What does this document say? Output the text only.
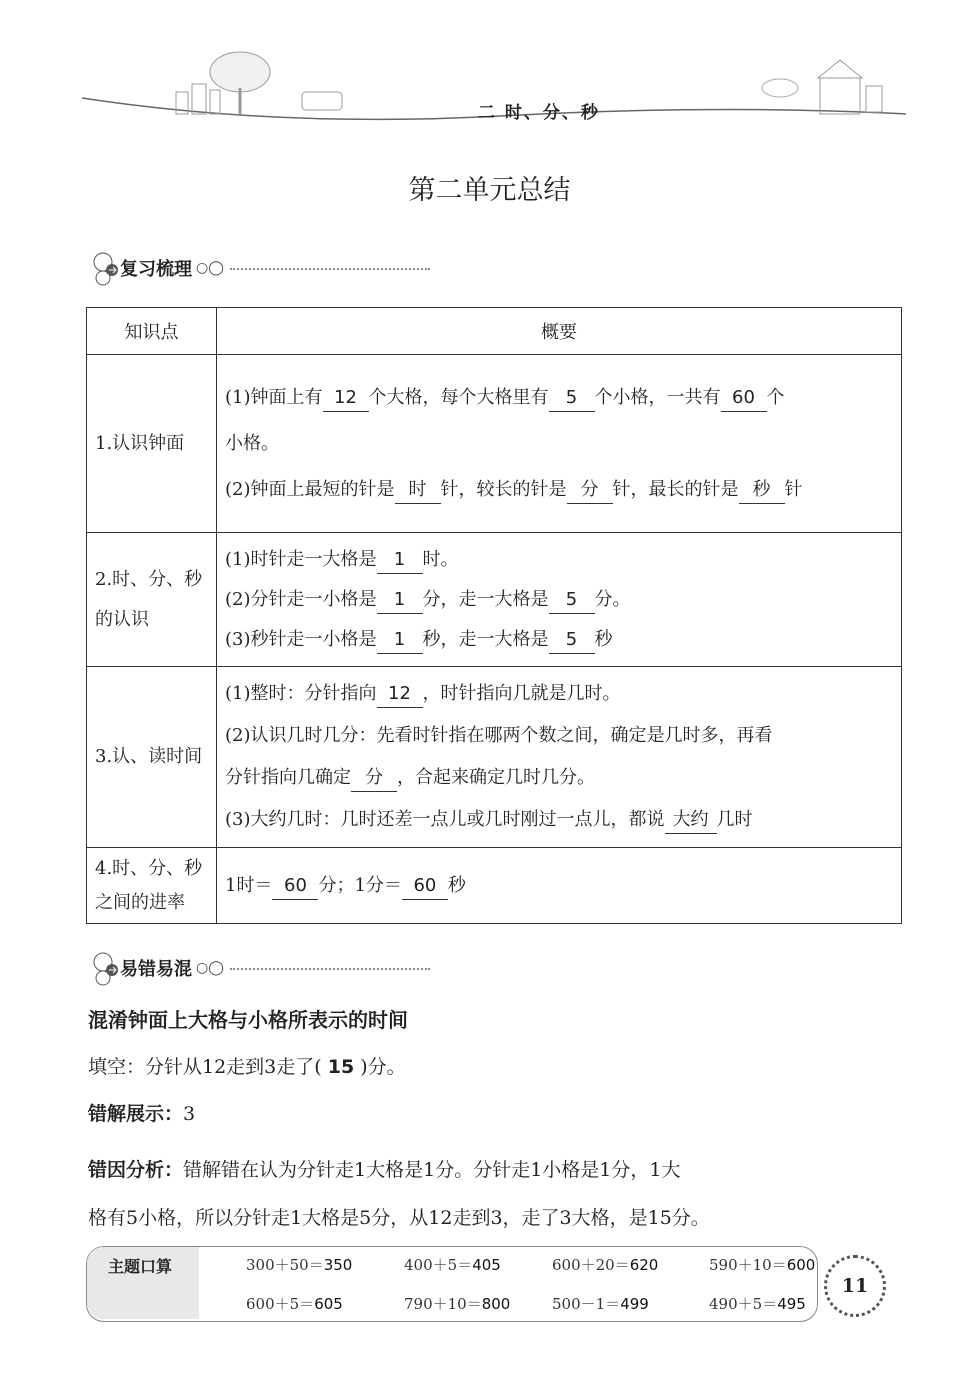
二 时、分、秒
第二单元总结
复习梳理 ○◯
知识点	概要
1.认识钟面	(1)钟面上有 12 个大格，每个大格里有 5 个小格，一共有 60 个
小格。
(2)钟面上最短的针是 时 针，较长的针是 分 针，最长的针是 秒 针

2.时、分、秒
的认识	(1)时针走一大格是 1 时。
(2)分针走一小格是 1 分，走一大格是 5 分。
(3)秒针走一小格是 1 秒，走一大格是 5 秒

3.认、读时间	(1)整时：分针指向 12 ，时针指向几就是几时。
(2)认识几时几分：先看时针指在哪两个数之间，确定是几时多，再看
分针指向几确定 分 ，合起来确定几时几分。
(3)大约几时：几时还差一点儿或几时刚过一点儿，都说 大约 几时

4.时、分、秒
之间的进率	1时＝ 60 分；1分＝ 60 秒
易错易混 ○◯
混淆钟面上大格与小格所表示的时间
填空：分针从12走到3走了( 15 )分。
错解展示：3
错因分析：错解错在认为分针走1大格是1分。分针走1小格是1分，1大
格有5小格，所以分针走1大格是5分，从12走到3，走了3大格，是15分。
主题口算	300＋50＝350	400＋5＝405	600＋20＝620	590＋10＝600
600＋5＝605	790＋10＝800	500－1＝499	490＋5＝495
11
